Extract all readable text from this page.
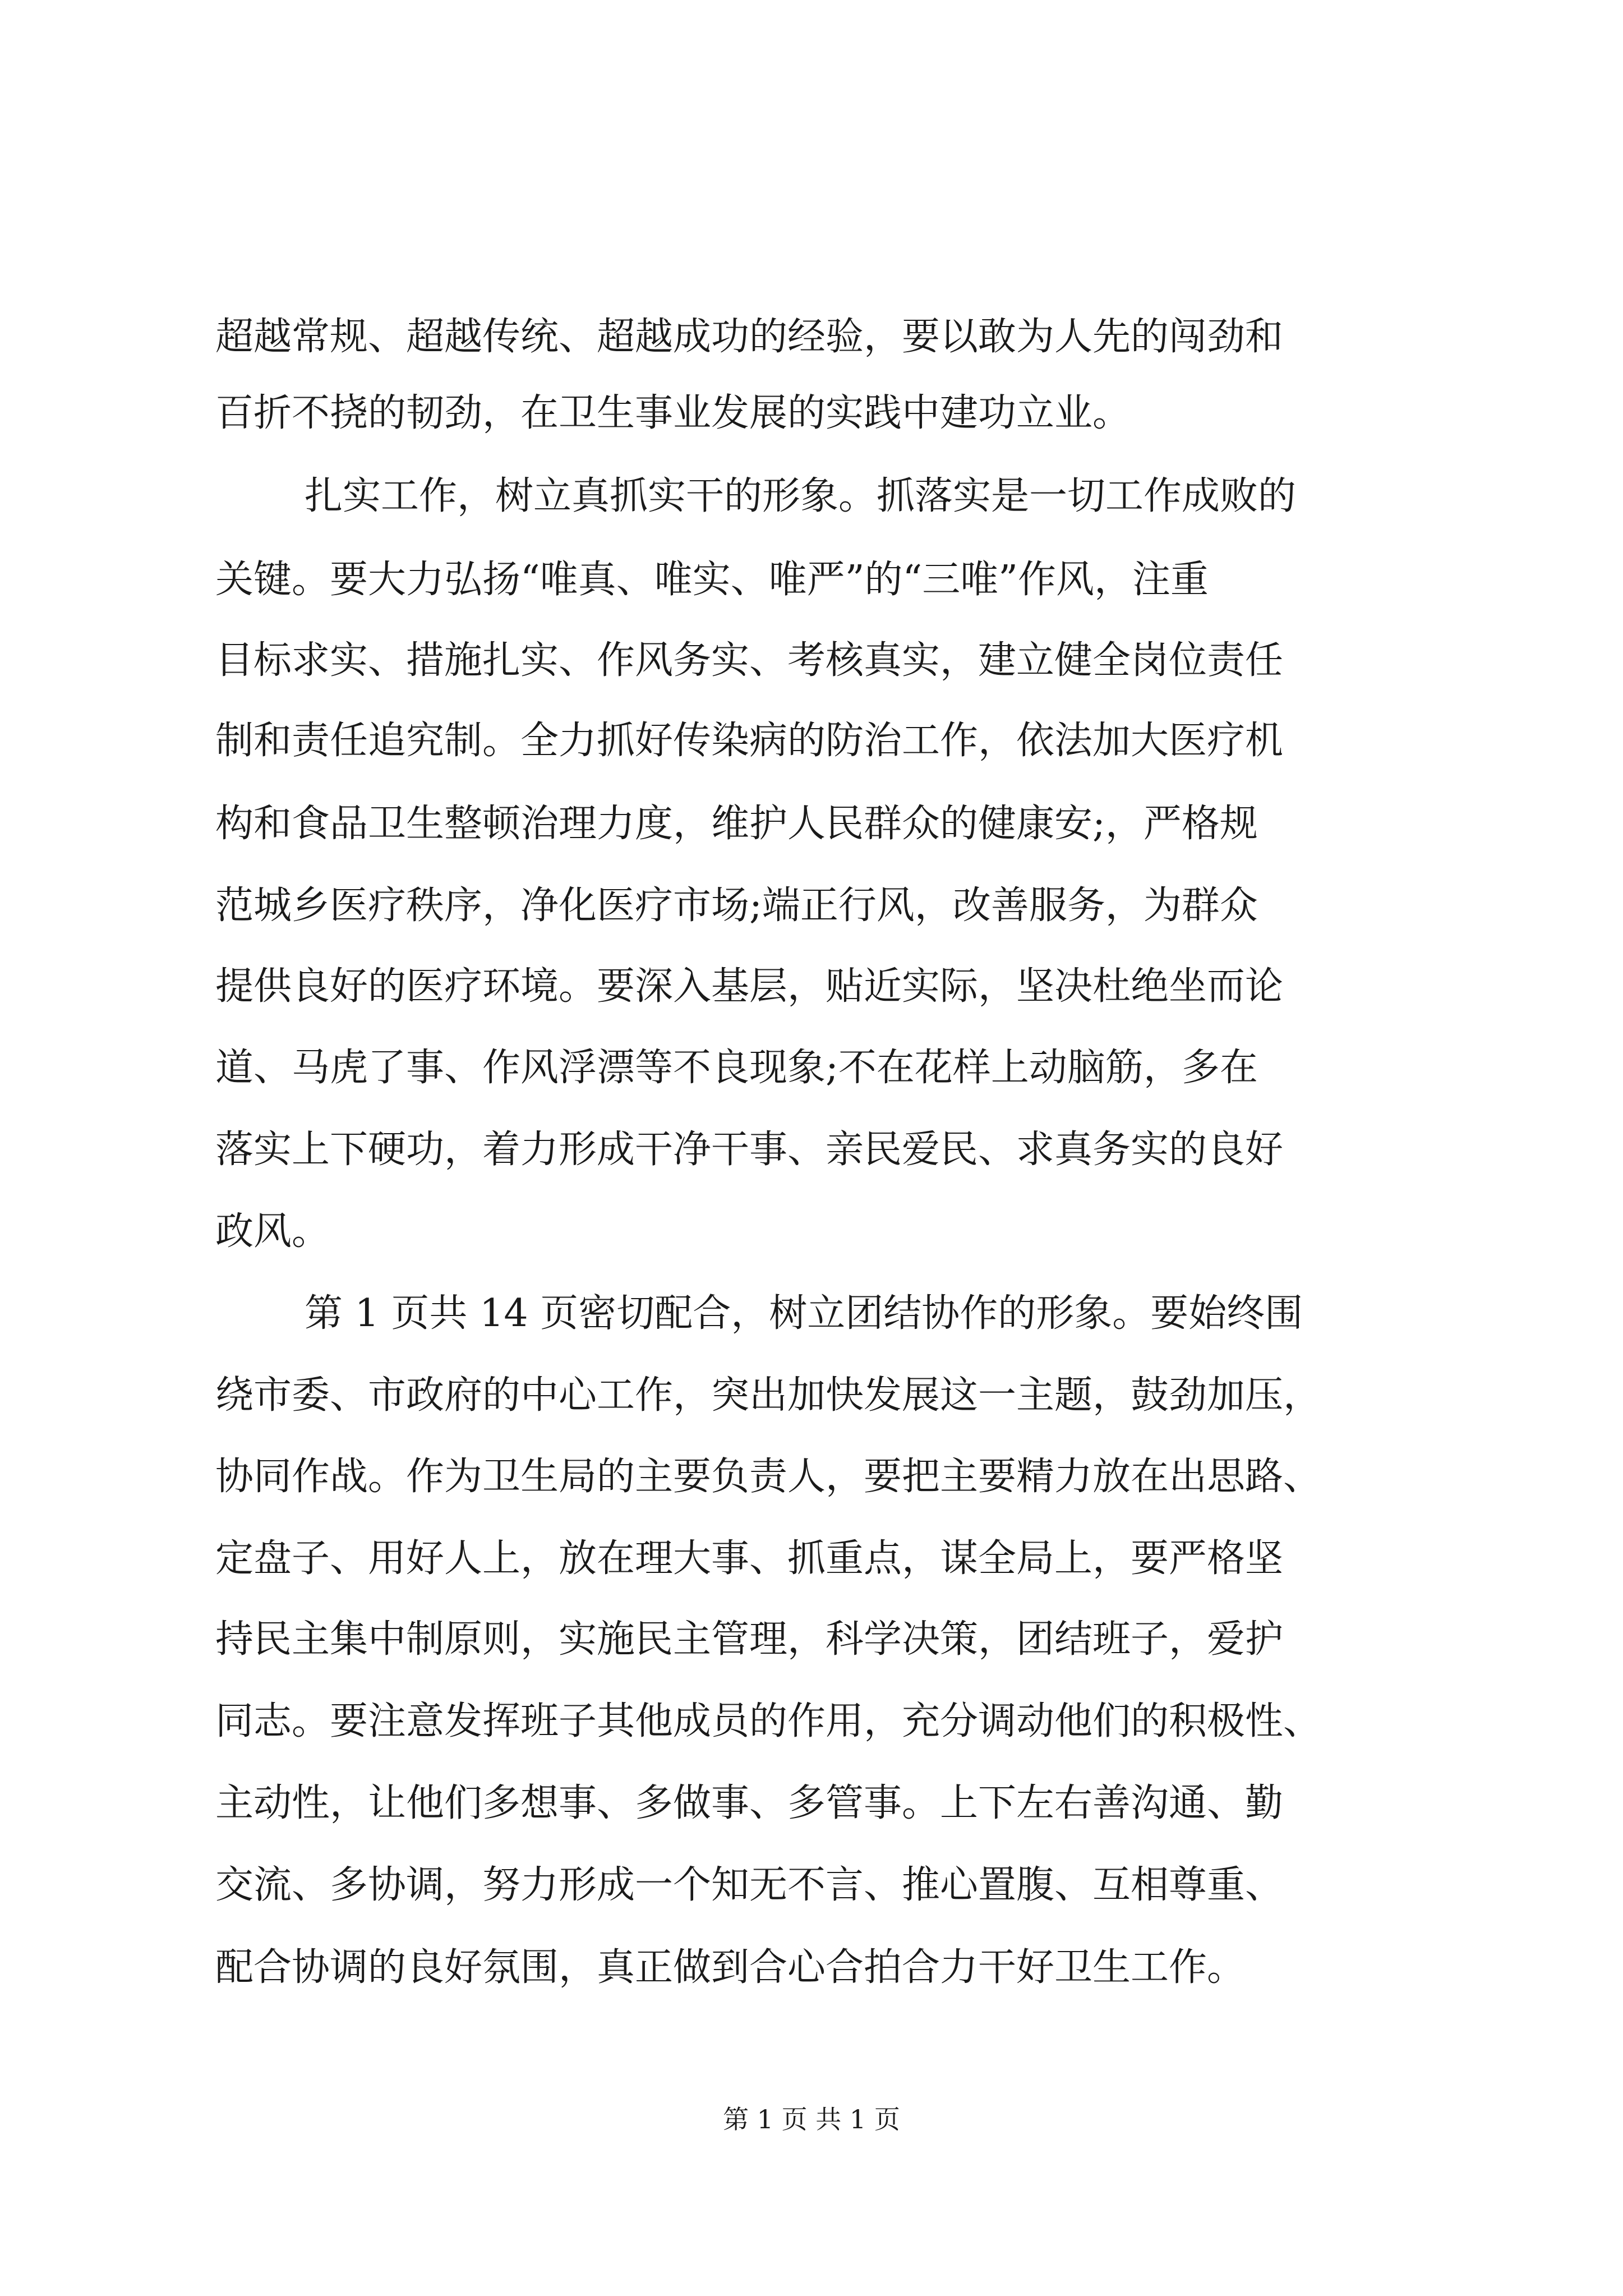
超越常规、超越传统、超越成功的经验，要以敢为人先的闯劲和
百折不挠的韧劲，在卫生事业发展的实践中建功立业。
扎实工作，树立真抓实干的形象。抓落实是一切工作成败的
关键。要大力弘扬“唯真、唯实、唯严”的“三唯”作风，注重
目标求实、措施扎实、作风务实、考核真实，建立健全岗位责任
制和责任追究制。全力抓好传染病的防治工作，依法加大医疗机
构和食品卫生整顿治理力度，维护人民群众的健康安;，严格规
范城乡医疗秩序，净化医疗市场;端正行风，改善服务，为群众
提供良好的医疗环境。要深入基层，贴近实际，坚决杜绝坐而论
道、马虎了事、作风浮漂等不良现象;不在花样上动脑筋，多在
落实上下硬功，着力形成干净干事、亲民爱民、求真务实的良好
政风。
第 1 页共 14 页密切配合，树立团结协作的形象。要始终围
绕市委、市政府的中心工作，突出加快发展这一主题，鼓劲加压，
协同作战。作为卫生局的主要负责人，要把主要精力放在出思路、
定盘子、用好人上，放在理大事、抓重点，谋全局上，要严格坚
持民主集中制原则，实施民主管理，科学决策，团结班子，爱护
同志。要注意发挥班子其他成员的作用，充分调动他们的积极性、
主动性，让他们多想事、多做事、多管事。上下左右善沟通、勤
交流、多协调，努力形成一个知无不言、推心置腹、互相尊重、
配合协调的良好氛围，真正做到合心合拍合力干好卫生工作。
第 1 页 共 1 页
